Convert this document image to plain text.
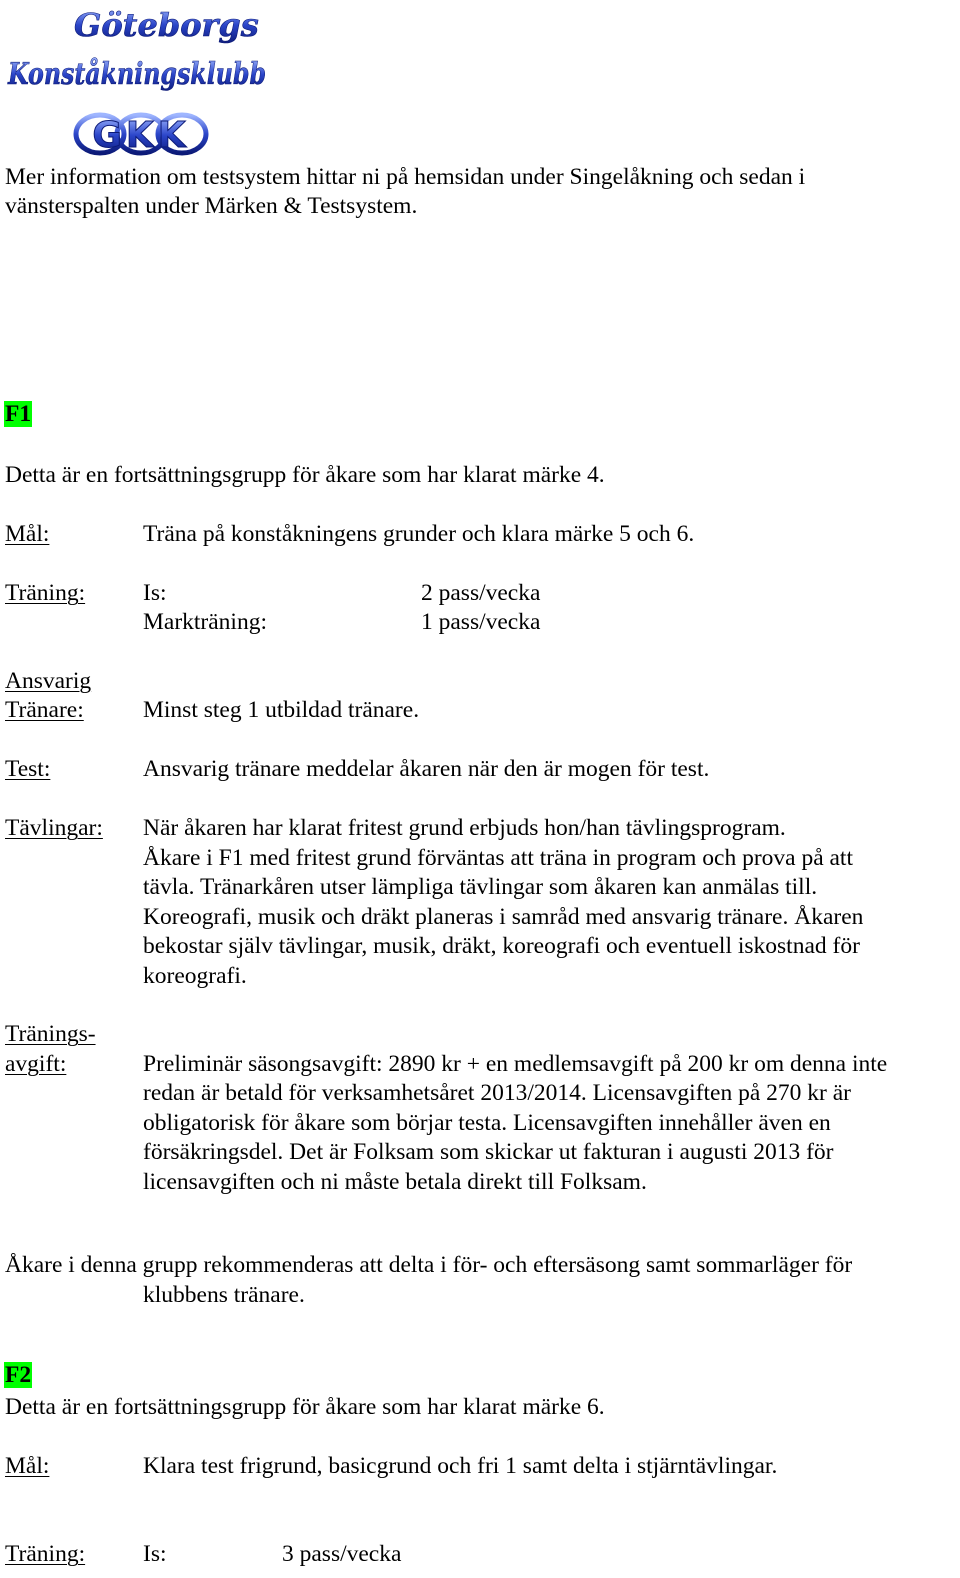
Göteborgs
Konståkningsklubb
GKK
Mer information om testsystem hittar ni på hemsidan under Singelåkning och sedan i
vänsterspalten under Märken & Testsystem.
F1
Detta är en fortsättningsgrupp för åkare som har klarat märke 4.
Mål:	Träna på konståkningens grunder och klara märke 5 och 6.
Träning: Is:	2 pass/vecka
Markträning:	1 pass/vecka
Ansvarig
Tränare:	Minst steg 1 utbildad tränare.
Test:	Ansvarig tränare meddelar åkaren när den är mogen för test.
Tävlingar: När åkaren har klarat fritest grund erbjuds hon/han tävlingsprogram.
Åkare i F1 med fritest grund förväntas att träna in program och prova på att
tävla. Tränarkåren utser lämpliga tävlingar som åkaren kan anmälas till.
Koreografi, musik och dräkt planeras i samråd med ansvarig tränare. Åkaren
bekostar själv tävlingar, musik, dräkt, koreografi och eventuell iskostnad för
koreografi.
Tränings-
avgift:	Preliminär säsongsavgift: 2890 kr + en medlemsavgift på 200 kr om denna inte
redan är betald för verksamhetsåret 2013/2014. Licensavgiften på 270 kr är
obligatorisk för åkare som börjar testa. Licensavgiften innehåller även en
försäkringsdel. Det är Folksam som skickar ut fakturan i augusti 2013 för
licensavgiften och ni måste betala direkt till Folksam.
Åkare i denna grupp rekommenderas att delta i för- och eftersäsong samt sommarläger för
klubbens tränare.
F2
Detta är en fortsättningsgrupp för åkare som har klarat märke 6.
Mål:	Klara test frigrund, basicgrund och fri 1 samt delta i stjärntävlingar.
Träning: Is:	3 pass/vecka
